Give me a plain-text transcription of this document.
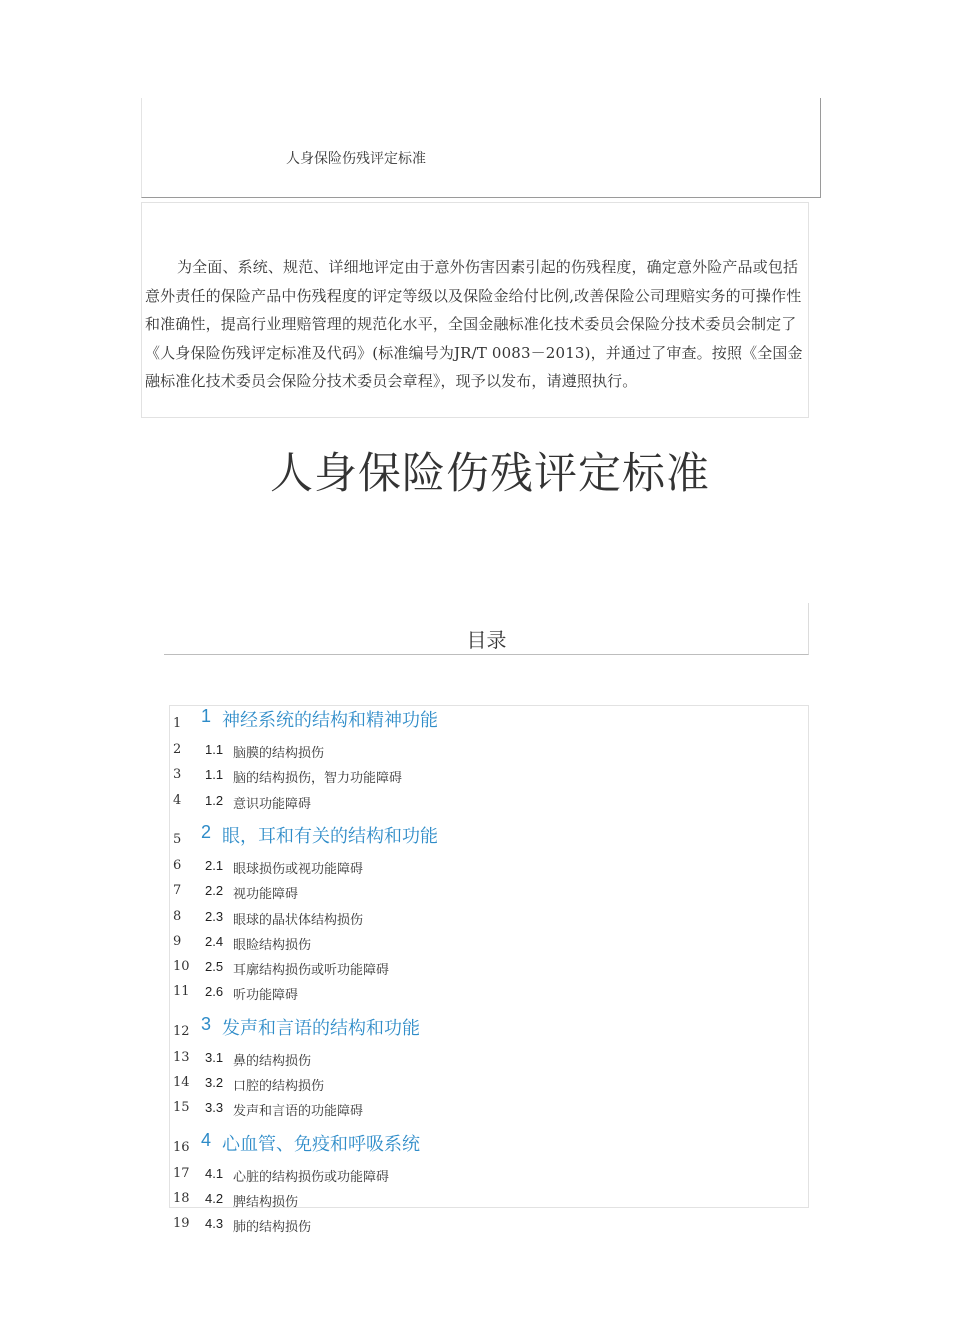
人身保险伤残评定标准

为全面、系统、规范、详细地评定由于意外伤害因素引起的伤残程度，确定意外险产品或包括意外责任的保险产品中伤残程度的评定等级以及保险金给付比例,改善保险公司理赔实务的可操作性和准确性，提高行业理赔管理的规范化水平，全国金融标准化技术委员会保险分技术委员会制定了《人身保险伤残评定标准及代码》(标准编号为JR/T 0083－2013)，并通过了审查。按照《全国金融标准化技术委员会保险分技术委员会章程》，现予以发布，请遵照执行。

人身保险伤残评定标准
目录
1 1 神经系统的结构和精神功能
2 1.1 脑膜的结构损伤
3 1.1 脑的结构损伤，智力功能障碍
4 1.2 意识功能障碍
5 2 眼，耳和有关的结构和功能
6 2.1 眼球损伤或视功能障碍
7 2.2 视功能障碍
8 2.3 眼球的晶状体结构损伤
9 2.4 眼睑结构损伤
10 2.5 耳廓结构损伤或听功能障碍
11 2.6 听功能障碍
12 3 发声和言语的结构和功能
13 3.1 鼻的结构损伤
14 3.2 口腔的结构损伤
15 3.3 发声和言语的功能障碍
16 4 心血管、免疫和呼吸系统
17 4.1 心脏的结构损伤或功能障碍
18 4.2 脾结构损伤
19 4.3 肺的结构损伤
